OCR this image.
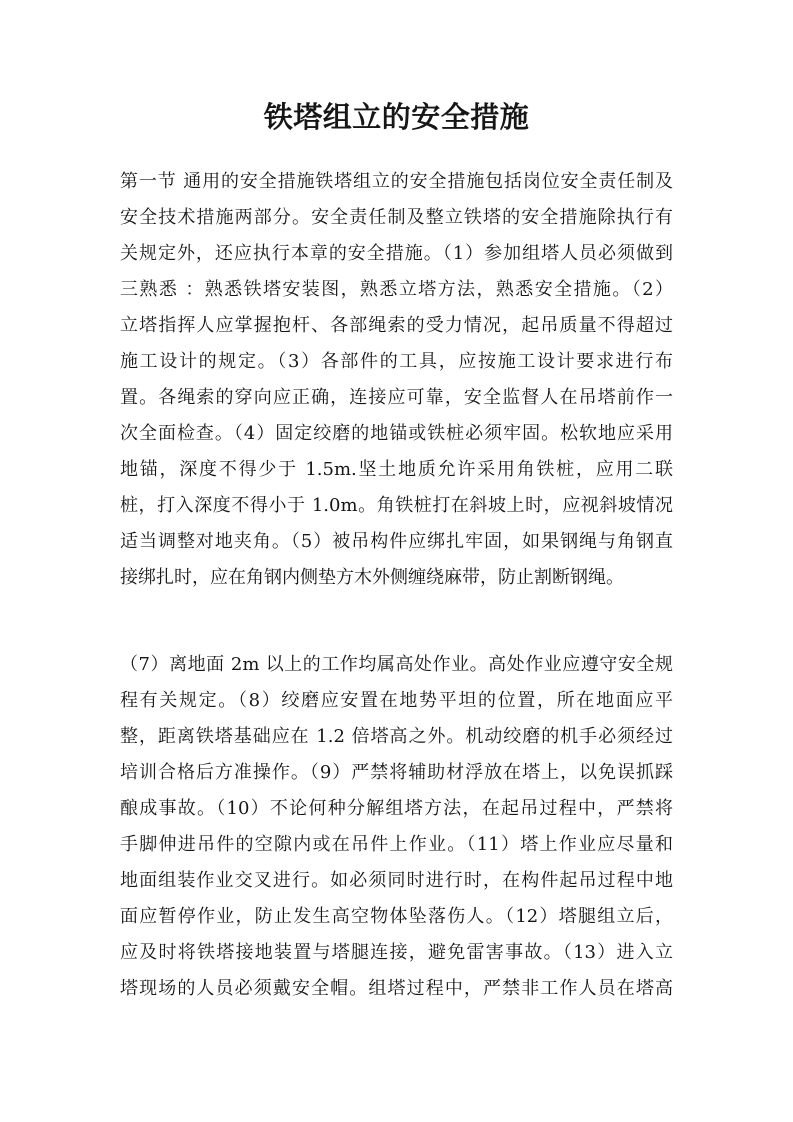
铁塔组立的安全措施
第一节 通用的安全措施铁塔组立的安全措施包括岗位安全责任制及
安全技术措施两部分。安全责任制及整立铁塔的安全措施除执行有
关规定外，还应执行本章的安全措施。（1）参加组塔人员必须做到
三熟悉 ：熟悉铁塔安装图，熟悉立塔方法，熟悉安全措施。（2）
立塔指挥人应掌握抱杆、各部绳索的受力情况，起吊质量不得超过
施工设计的规定。（3）各部件的工具，应按施工设计要求进行布
置。各绳索的穿向应正确，连接应可靠，安全监督人在吊塔前作一
次全面检查。（4）固定绞磨的地锚或铁桩必须牢固。松软地应采用
地锚，深度不得少于 1.5m.坚土地质允许采用角铁桩，应用二联
桩，打入深度不得小于 1.0m。角铁桩打在斜坡上时，应视斜坡情况
适当调整对地夹角。（5）被吊构件应绑扎牢固，如果钢绳与角钢直
接绑扎时，应在角钢内侧垫方木外侧缠绕麻带，防止割断钢绳。
（7）离地面 2m 以上的工作均属高处作业。高处作业应遵守安全规
程有关规定。（8）绞磨应安置在地势平坦的位置，所在地面应平
整，距离铁塔基础应在 1.2 倍塔高之外。机动绞磨的机手必须经过
培训合格后方准操作。（9）严禁将辅助材浮放在塔上，以免误抓踩
酿成事故。（10）不论何种分解组塔方法，在起吊过程中，严禁将
手脚伸进吊件的空隙内或在吊件上作业。（11）塔上作业应尽量和
地面组装作业交叉进行。如必须同时进行时，在构件起吊过程中地
面应暂停作业，防止发生高空物体坠落伤人。（12）塔腿组立后，
应及时将铁塔接地装置与塔腿连接，避免雷害事故。（13）进入立
塔现场的人员必须戴安全帽。组塔过程中，严禁非工作人员在塔高
